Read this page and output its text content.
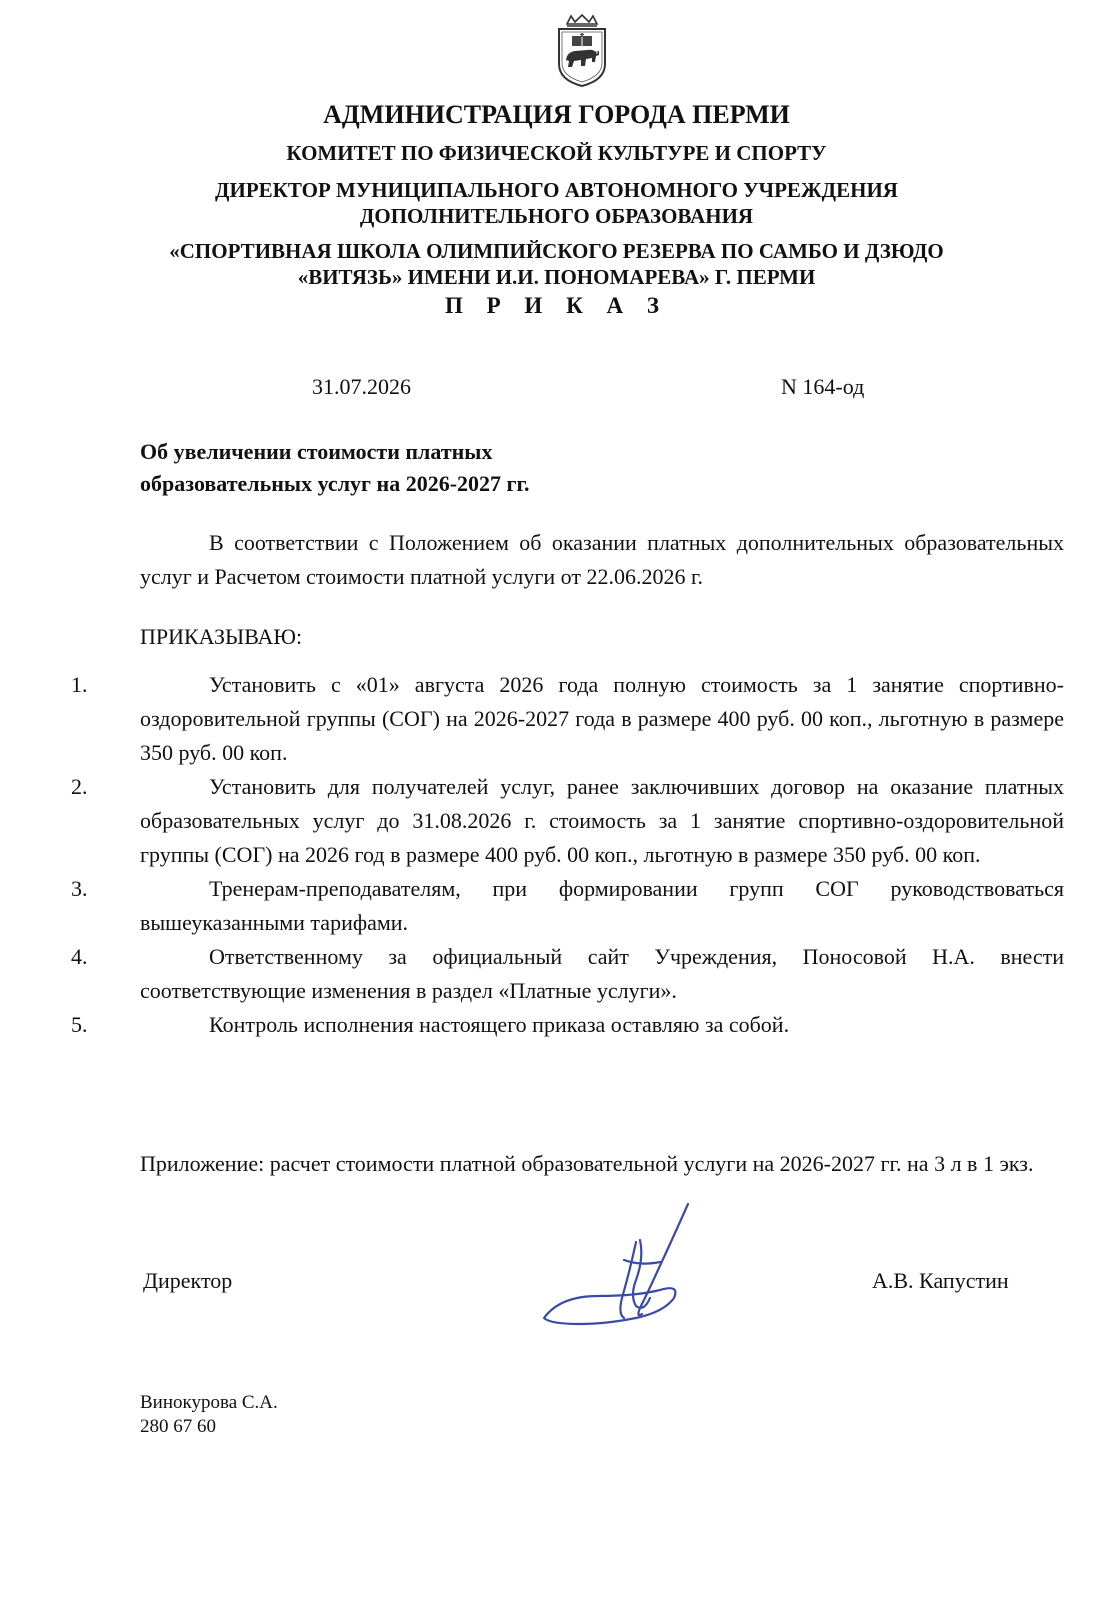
АДМИНИСТРАЦИЯ ГОРОДА ПЕРМИ
КОМИТЕТ ПО ФИЗИЧЕСКОЙ КУЛЬТУРЕ И СПОРТУ
ДИРЕКТОР МУНИЦИПАЛЬНОГО АВТОНОМНОГО УЧРЕЖДЕНИЯ
ДОПОЛНИТЕЛЬНОГО ОБРАЗОВАНИЯ
«СПОРТИВНАЯ ШКОЛА ОЛИМПИЙСКОГО РЕЗЕРВА ПО САМБО И ДЗЮДО
«ВИТЯЗЬ» ИМЕНИ И.И. ПОНОМАРЕВА» Г. ПЕРМИ
П Р И К А З
31.07.2026	N 164-од
Об увеличении стоимости платных
образовательных услуг на 2026-2027 гг.
В соответствии с Положением об оказании платных дополнительных образовательных услуг и Расчетом стоимости платной услуги от 22.06.2026 г.
ПРИКАЗЫВАЮ:
1.	Установить с «01» августа 2026 года полную стоимость за 1 занятие спортивно-оздоровительной группы (СОГ) на 2026-2027 года в размере 400 руб. 00 коп., льготную в размере 350 руб. 00 коп.
2.	Установить для получателей услуг, ранее заключивших договор на оказание платных образовательных услуг до 31.08.2026 г. стоимость за 1 занятие спортивно-оздоровительной группы (СОГ) на 2026 год в размере 400 руб. 00 коп., льготную в размере 350 руб. 00 коп.
3.	Тренерам-преподавателям, при формировании групп СОГ руководствоваться вышеуказанными тарифами.
4.	Ответственному за официальный сайт Учреждения, Поносовой Н.А. внести соответствующие изменения в раздел «Платные услуги».
5.	Контроль исполнения настоящего приказа оставляю за собой.
Приложение: расчет стоимости платной образовательной услуги на 2026-2027 гг. на 3 л в 1 экз.
Директор	А.В. Капустин
Винокурова С.А.
280 67 60
